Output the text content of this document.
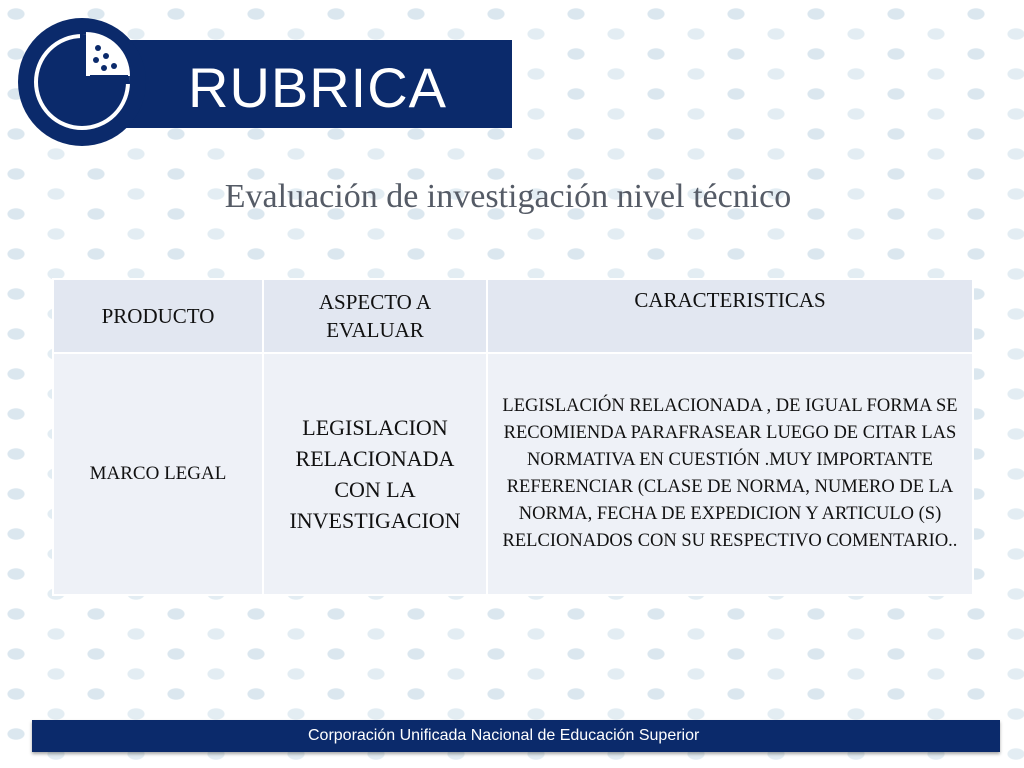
RUBRICA
Evaluación de investigación nivel técnico
PRODUCTO	ASPECTO A EVALUAR	CARACTERISTICAS
MARCO LEGAL	LEGISLACION RELACIONADA CON LA INVESTIGACION	LEGISLACIÓN RELACIONADA , DE IGUAL FORMA SE RECOMIENDA PARAFRASEAR LUEGO DE CITAR LAS NORMATIVA EN CUESTIÓN .MUY IMPORTANTE REFERENCIAR (CLASE DE NORMA, NUMERO DE LA NORMA, FECHA DE EXPEDICION Y ARTICULO (S) RELCIONADOS CON SU RESPECTIVO COMENTARIO..
Corporación Unificada Nacional de Educación Superior
